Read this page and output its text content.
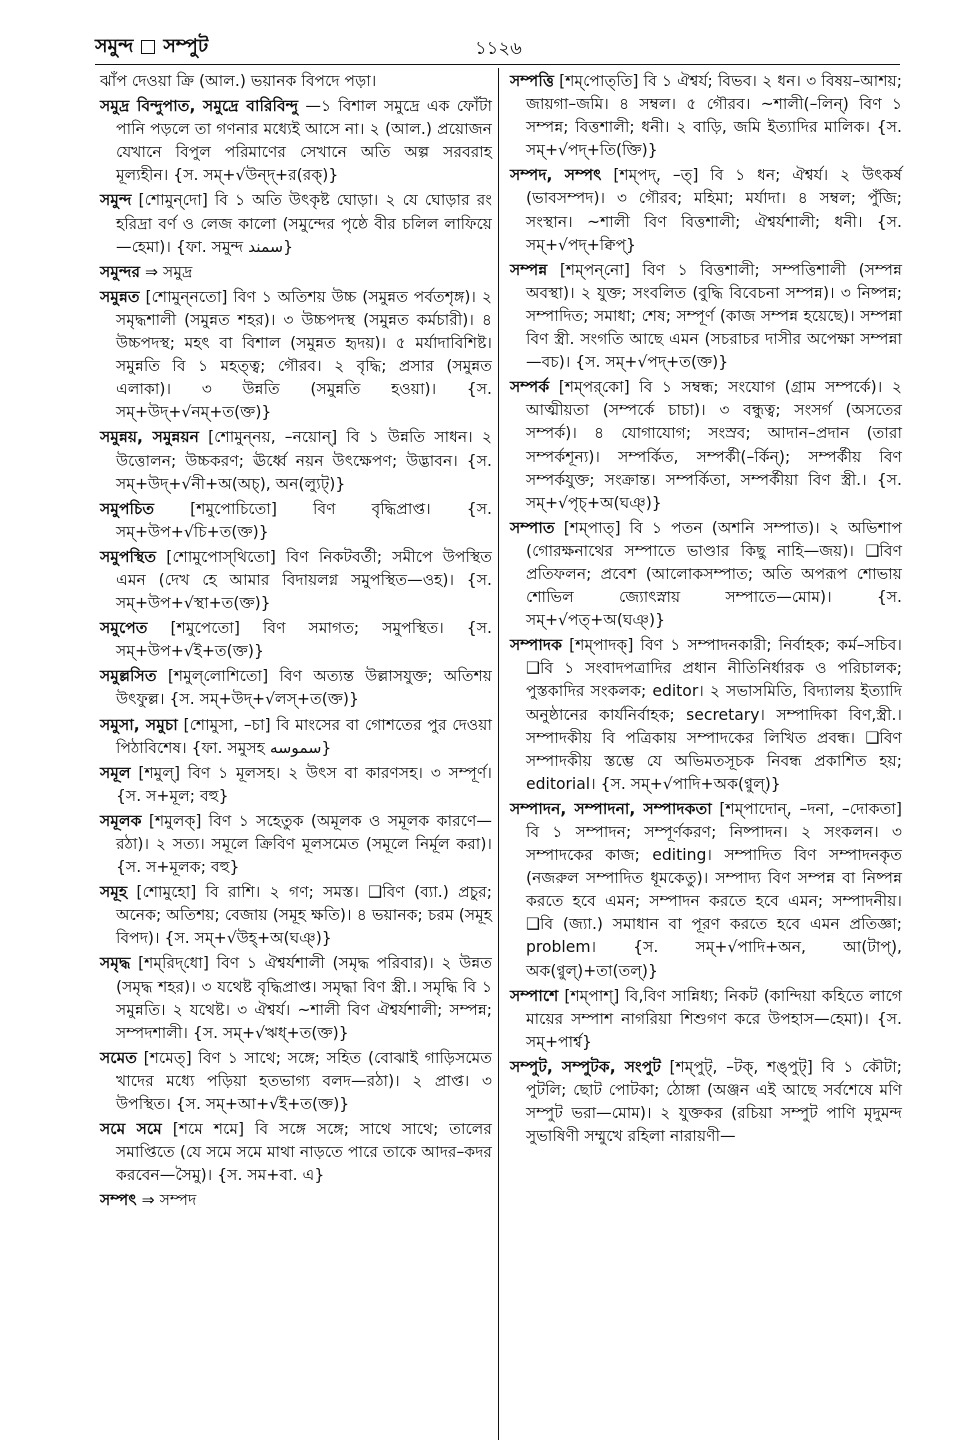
সমুন্দ সম্পুট	১১২৬

ঝাঁপ দেওয়া ক্রি (আল.) ভয়ানক বিপদে পড়া।

সমুদ্র বিন্দুপাত, সমুদ্রে বারিবিন্দু —১ বিশাল সমুদ্রে এক ফোঁটা পানি পড়লে তা গণনার মধ্যেই আসে না। ২ (আল.) প্রয়োজন যেখানে বিপুল পরিমাণের সেখানে অতি অল্প সরবরাহ মূল্যহীন। {স. সম্+√উন্দ্+র(রক্)}

সমুন্দ [শোমুন্‌দো] বি ১ অতি উৎকৃষ্ট ঘোড়া। ২ যে ঘোড়ার রং হরিদ্রা বর্ণ ও লেজ কালো (সমুন্দের পৃষ্ঠে বীর চলিল লাফিয়ে—হেমা)। {ফা. সমুন্দ سمند}

সমুন্দর ⇒ সমুদ্র

সমুন্নত [শোমুন্‌নতো] বিণ ১ অতিশয় উচ্চ (সমুন্নত পর্বতশৃঙ্গ)। ২ সমৃদ্ধশালী (সমুন্নত শহর)। ৩ উচ্চপদস্থ (সমুন্নত কর্মচারী)। ৪ উচ্চপদস্থ; মহৎ বা বিশাল (সমুন্নত হৃদয়)। ৫ মর্যাদাবিশিষ্ট। সমুন্নতি বি ১ মহত্ত্ব; গৌরব। ২ বৃদ্ধি; প্রসার (সমুন্নত এলাকা)। ৩ উন্নতি (সমুন্নতি হওয়া)। {স. সম্+উদ্+√নম্+ত(ক্ত)}

সমুন্নয়, সমুন্নয়ন [শোমুন্‌নয়, –নয়োন্] বি ১ উন্নতি সাধন। ২ উত্তোলন; উচ্চকরণ; ঊর্ধ্বে নয়ন উৎক্ষেপণ; উদ্ভাবন। {স. সম্+উদ্+√নী+অ(অচ্), অন(ল্যুট্)}

সমুপচিত [শমুপোচিতো] বিণ বৃদ্ধিপ্রাপ্ত। {স. সম্+উপ+√চি+ত(ক্ত)}

সমুপস্থিত [শোমুপোস্‌থিতো] বিণ নিকটবর্তী; সমীপে উপস্থিত এমন (দেখ হে আমার বিদায়লগ্ন সমুপস্থিত—ওহ)। {স. সম্+উপ+√স্থা+ত(ক্ত)}

সমুপেত [শমুপেতো] বিণ সমাগত; সমুপস্থিত। {স. সম্+উপ+√ই+ত(ক্ত)}

সমুল্লসিত [শমুল্‌লোশিতো] বিণ অত্যন্ত উল্লাসযুক্ত; অতিশয় উৎফুল্ল। {স. সম্+উদ্+√লস্+ত(ক্ত)}

সমুসা, সমুচা [শোমুসা, –চা] বি মাংসের বা গোশতের পুর দেওয়া পিঠাবিশেষ। {ফা. সমুসহ سموسه}

সমূল [শমুল্] বিণ ১ মূলসহ। ২ উৎস বা কারণসহ। ৩ সম্পূর্ণ। {স. স+মূল; বহু}

সমূলক [শমুলক্] বিণ ১ সহেতুক (অমূলক ও সমূলক কারণে—রঠা)। ২ সত্য। সমূলে ক্রিবিণ মূলসমেত (সমূলে নির্মূল করা)। {স. স+মূলক; বহু}

সমূহ [শোমুহো] বি রাশি। ২ গণ; সমস্ত। ❑বিণ (ব্যা.) প্রচুর; অনেক; অতিশয়; বেজায় (সমূহ ক্ষতি)। ৪ ভয়ানক; চরম (সমূহ বিপদ)। {স. সম্+√উহ্+অ(ঘঞ্)}

সমৃদ্ধ [শম্‌রিদ্‌ধো] বিণ ১ ঐশ্বর্যশালী (সমৃদ্ধ পরিবার)। ২ উন্নত (সমৃদ্ধ শহর)। ৩ যথেষ্ট বৃদ্ধিপ্রাপ্ত। সমৃদ্ধা বিণ স্ত্রী.। সমৃদ্ধি বি ১ সমুন্নতি। ২ যথেষ্ট। ৩ ঐশ্বর্য। ~শালী বিণ ঐশ্বর্যশালী; সম্পন্ন; সম্পদশালী। {স. সম্+√ঋধ্+ত(ক্ত)}

সমেত [শমেত্] বিণ ১ সাথে; সঙ্গে; সহিত (বোঝাই গাড়িসমেত খাদের মধ্যে পড়িয়া হতভাগ্য বলদ—রঠা)। ২ প্রাপ্ত। ৩ উপস্থিত। {স. সম্+আ+√ই+ত(ক্ত)}

সমে সমে [শমে শমে] বি সঙ্গে সঙ্গে; সাথে সাথে; তালের সমাপ্তিতে (যে সমে সমে মাথা নাড়তে পারে তাকে আদর–কদর করবেন—সৈমু)। {স. সম+বা. এ}

সম্পৎ ⇒ সম্পদ

সম্পত্তি [শম্‌পোত্‌তি] বি ১ ঐশ্বর্য; বিভব। ২ ধন। ৩ বিষয়–আশয়; জায়গা–জমি। ৪ সম্বল। ৫ গৌরব। ~শালী(–লিন্) বিণ ১ সম্পন্ন; বিত্তশালী; ধনী। ২ বাড়ি, জমি ইত্যাদির মালিক। {স. সম্+√পদ্+তি(ক্তি)}

সম্পদ, সম্পৎ [শম্‌পদ্, –ত্] বি ১ ধন; ঐশ্বর্য। ২ উৎকর্ষ (ভাবসম্পদ)। ৩ গৌরব; মহিমা; মর্যাদা। ৪ সম্বল; পুঁজি; সংস্থান। ~শালী বিণ বিত্তশালী; ঐশ্বর্যশালী; ধনী। {স. সম্+√পদ্+ক্বিপ্}

সম্পন্ন [শম্‌পন্‌নো] বিণ ১ বিত্তশালী; সম্পত্তিশালী (সম্পন্ন অবস্থা)। ২ যুক্ত; সংবলিত (বুদ্ধি বিবেচনা সম্পন্ন)। ৩ নিষ্পন্ন; সম্পাদিত; সমাধা; শেষ; সম্পূর্ণ (কাজ সম্পন্ন হয়েছে)। সম্পন্না বিণ স্ত্রী. সংগতি আছে এমন (সচরাচর দাসীর অপেক্ষা সম্পন্না—বচ)। {স. সম্+√পদ্+ত(ক্ত)}

সম্পর্ক [শম্‌পর্‌কো] বি ১ সম্বন্ধ; সংযোগ (গ্রাম সম্পর্কে)। ২ আত্মীয়তা (সম্পর্কে চাচা)। ৩ বন্ধুত্ব; সংসর্গ (অসতের সম্পর্ক)। ৪ যোগাযোগ; সংস্রব; আদান–প্রদান (তারা সম্পর্কশূন্য)। সম্পর্কিত, সম্পর্কী(–র্কিন্); সম্পর্কীয় বিণ সম্পর্কযুক্ত; সংক্রান্ত। সম্পর্কিতা, সম্পর্কীয়া বিণ স্ত্রী.। {স. সম্+√পৃচ্+অ(ঘঞ্)}

সম্পাত [শম্‌পাত্] বি ১ পতন (অশনি সম্পাত)। ২ অভিশাপ (গোরক্ষনাথের সম্পাতে ভাণ্ডার কিছু নাহি—জয়)। ❑বিণ প্রতিফলন; প্রবেশ (আলোকসম্পাত; অতি অপরূপ শোভায় শোভিল জ্যোৎস্নায় সম্পাতে—মোম)। {স. সম্+√পত্+অ(ঘঞ্)}

সম্পাদক [শম্‌পাদক্] বিণ ১ সম্পাদনকারী; নির্বাহক; কর্ম–সচিব। ❑বি ১ সংবাদপত্রাদির প্রধান নীতিনির্ধারক ও পরিচালক; পুস্তকাদির সংকলক; editor। ২ সভাসমিতি, বিদ্যালয় ইত্যাদি অনুষ্ঠানের কার্যনির্বাহক; secretary। সম্পাদিকা বিণ,স্ত্রী.। সম্পাদকীয় বি পত্রিকায় সম্পাদকের লিখিত প্রবন্ধ। ❑বিণ সম্পাদকীয় স্তম্ভে যে অভিমতসূচক নিবন্ধ প্রকাশিত হয়; editorial। {স. সম্+√পাদি+অক(ণ্বুল্)}

সম্পাদন, সম্পাদনা, সম্পাদকতা [শম্‌পাদোন্, –দনা, –দোকতা] বি ১ সম্পাদন; সম্পূর্ণকরণ; নিষ্পাদন। ২ সংকলন। ৩ সম্পাদকের কাজ; editing। সম্পাদিত বিণ সম্পাদনকৃত (নজরুল সম্পাদিত ধূমকেতু)। সম্পাদ্য বিণ সম্পন্ন বা নিষ্পন্ন করতে হবে এমন; সম্পাদন করতে হবে এমন; সম্পাদনীয়। ❑বি (জ্যা.) সমাধান বা পূরণ করতে হবে এমন প্রতিজ্ঞা; problem। {স. সম্+√পাদি+অন, আ(টাপ্), অক(ণ্বুল্)+তা(তল্)}

সম্পাশে [শম্‌পাশ্] বি,বিণ সান্নিধ্য; নিকট (কান্দিয়া কহিতে লাগে মায়ের সম্পাশ নাগরিয়া শিশুগণ করে উপহাস—হেমা)। {স. সম্+পার্শ্ব}

সম্পুট, সম্পুটক, সংপুট [শম্‌পুট্, –টক্, শঙ্‌পুট্] বি ১ কৌটা; পুটলি; ছোট পোটকা; ঠোঙ্গা (অঞ্জন এই আছে সর্বশেষে মণি সম্পুট ভরা—মোম)। ২ যুক্তকর (রচিয়া সম্পুট পাণি মৃদুমন্দ সুভাষিণী সম্মুখে রহিলা নারায়ণী—
